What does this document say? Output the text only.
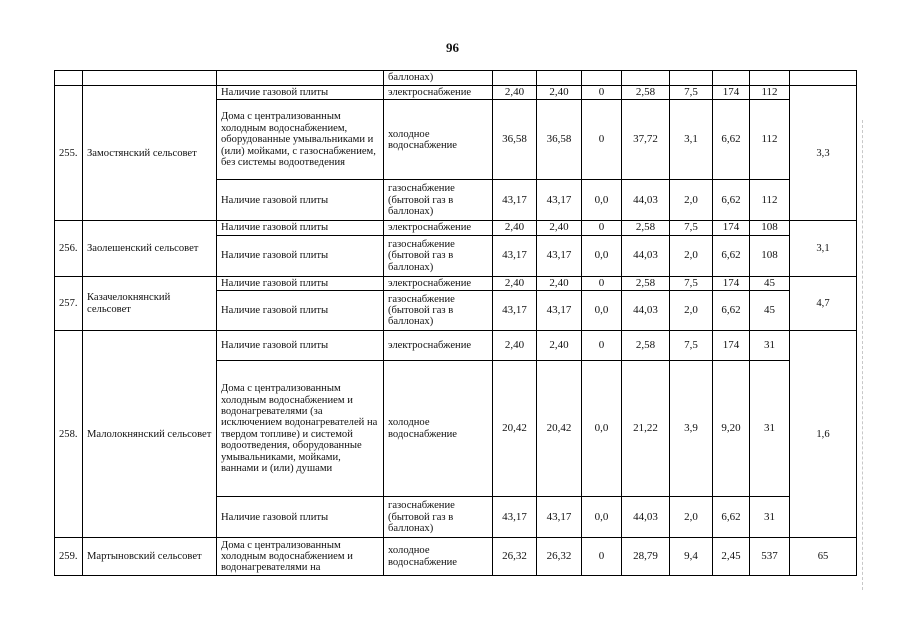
96
			баллонах)								
255.	Замостянский сельсовет	Наличие газовой плиты	электроснабжение	2,40	2,40	0	2,58	7,5	174	112	3,3
		Дома с централизованным холодным водоснабжением, оборудованные умывальниками и (или) мойками, с газоснабжением, без системы водоотведения	холодное водоснабжение	36,58	36,58	0	37,72	3,1	6,62	112	
		Наличие газовой плиты	газоснабжение (бытовой газ в баллонах)	43,17	43,17	0,0	44,03	2,0	6,62	112	
256.	Заолешенский сельсовет	Наличие газовой плиты	электроснабжение	2,40	2,40	0	2,58	7,5	174	108	3,1
		Наличие газовой плиты	газоснабжение (бытовой газ в баллонах)	43,17	43,17	0,0	44,03	2,0	6,62	108	
257.	Казачелокнянский сельсовет	Наличие газовой плиты	электроснабжение	2,40	2,40	0	2,58	7,5	174	45	4,7
		Наличие газовой плиты	газоснабжение (бытовой газ в баллонах)	43,17	43,17	0,0	44,03	2,0	6,62	45	
258.	Малолокнянский сельсовет	Наличие газовой плиты	электроснабжение	2,40	2,40	0	2,58	7,5	174	31	1,6
		Дома с централизованным холодным водоснабжением и водонагревателями (за исключением водонагревателей на твердом топливе) и системой водоотведения, оборудованные умывальниками, мойками, ваннами и (или) душами	холодное водоснабжение	20,42	20,42	0,0	21,22	3,9	9,20	31	
		Наличие газовой плиты	газоснабжение (бытовой газ в баллонах)	43,17	43,17	0,0	44,03	2,0	6,62	31	
259.	Мартыновский сельсовет	Дома с централизованным холодным водоснабжением и водонагревателями на	холодное водоснабжение	26,32	26,32	0	28,79	9,4	2,45	537	65
